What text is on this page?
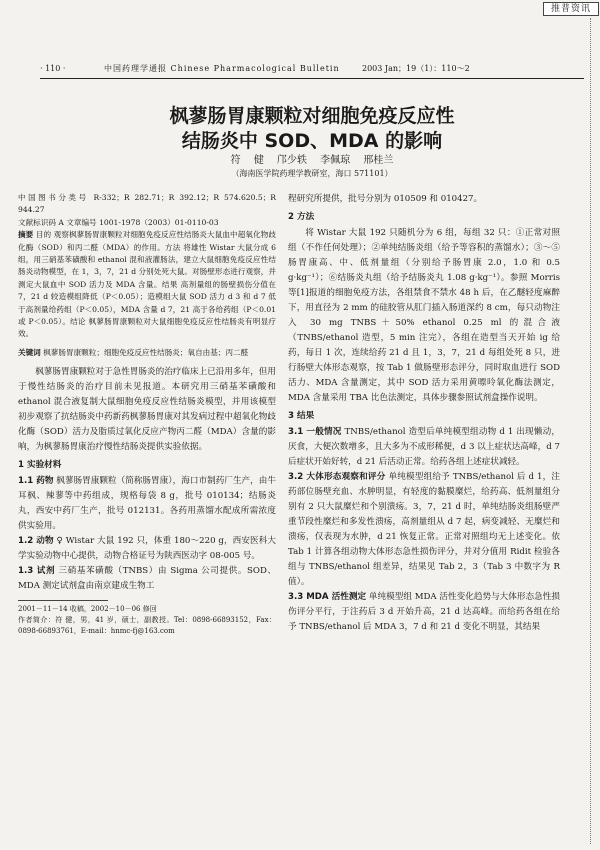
推普资讯
· 110 ·	中国药理学通报 Chinese Pharmacological Bulletin	2003 Jan；19（1）：110～2
枫蓼肠胃康颗粒对细胞免疫反应性
结肠炎中 SOD、MDA 的影响
符 健 邝少轶 李佩琼 邢桂兰
（海南医学院药理学教研室，海口 571101）
中国图书分类号 R-332；R 282.71；R 392.12；R 574.620.5；R 944.27
文献标识码 A 文章编号 1001-1978（2003）01-0110-03
摘要 目的 观察枫蓼肠胃康颗粒对细胞免疫反应性结肠炎大鼠血中超氧化物歧化酶（SOD）和丙二醛（MDA）的作用。方法 将雄性 Wistar 大鼠分成 6 组，用三硝基苯磺酸和 ethanol 混和液灌肠法，建立大鼠细胞免疫反应性结肠炎动物模型，在 1，3，7，21 d 分别处死大鼠。对肠壁形态进行观察，并测定大鼠血中 SOD 活力及 MDA 含量。结果 高剂量组的肠壁损伤分值在 7，21 d 较造模组降低（P＜0.05）；造模组大鼠 SOD 活力 d 3 和 d 7 低于高剂量给药组（P＜0.05），MDA 含量 d 7，21 高于各给药组（P＜0.01 或 P＜0.05）。结论 枫蓼肠胃康颗粒对大鼠细胞免疫反应性结肠炎有明显疗效。
关键词 枫蓼肠胃康颗粒；细胞免疫反应性结肠炎；氧自由基；丙二醛

枫蓼肠胃康颗粒对于急性胃肠炎的治疗临床上已沿用多年，但用于慢性结肠炎的治疗目前未见报道。本研究用三硝基苯磺酸和 ethanol 混合液复制大鼠细胞免疫反应性结肠炎模型，并用该模型初步观察了抗结肠炎中药新药枫蓼肠胃康对其发病过程中超氧化物歧化酶（SOD）活力及脂质过氧化反应产物丙二醛（MDA）含量的影响，为枫蓼肠胃康治疗慢性结肠炎提供实验依据。

1 实验材料
1.1 药物 枫蓼肠胃康颗粒（简称肠胃康），海口市制药厂生产，由牛耳枫、辣蓼等中药组成，规格每袋 8 g，批号 010134；结肠炎丸，西安中药厂生产，批号 012131。各药用蒸馏水配成所需浓度供实验用。
1.2 动物 ♀ Wistar 大鼠 192 只，体重 180～220 g，西安医科大学实验动物中心提供，动物合格证号为陕西医动字 08-005 号。
1.3 试剂 三硝基苯磺酸（TNBS）由 Sigma 公司提供。SOD、MDA 测定试剂盒由南京建成生物工

2001－11－14 收稿，2002－10－06 修回

作者简介：符 健，男，41 岁，硕士，副教授。Tel：0898-66893152，Fax：0898-66893761，E-mail：hnmc-fj@163.com

程研究所提供，批号分别为 010509 和 010427。
2 方法

将 Wistar 大鼠 192 只随机分为 6 组，每组 32 只：①正常对照组（不作任何处理）；②单纯结肠炎组（给予等容积的蒸馏水）；③～⑤肠胃康高、中、低剂量组（分别给予肠胃康 2.0，1.0 和 0.5 g·kg⁻¹）；⑥结肠炎丸组（给予结肠炎丸 1.08 g·kg⁻¹）。参照 Morris 等[1]报道的细胞免疫方法，各组禁食不禁水 48 h 后，在乙醚轻度麻醉下，用直径为 2 mm 的硅胶管从肛门插入肠道深约 8 cm，每只动物注入 30 mg TNBS＋50% ethanol 0.25 ml 的混合液（TNBS/ethanol 造型，5 min 注完），各组在造型当天开始 ig 给药，每日 1 次，连续给药 21 d 且 1，3，7，21 d 每组处死 8 只，进行肠壁大体形态观察，按 Tab 1 做肠壁形态评分，同时取血进行 SOD 活力、MDA 含量测定，其中 SOD 活力采用黄嘌呤氧化酶法测定，MDA 含量采用 TBA 比色法测定，具体步骤参照试剂盒操作说明。

3 结果
3.1 一般情况 TNBS/ethanol 造型后单纯模型组动物 d 1 出现懒动，厌食，大便次数增多，且大多为不成形稀便，d 3 以上症状达高峰，d 7 后症状开始好转，d 21 后活动正常。给药各组上述症状减轻。
3.2 大体形态观察和评分 单纯模型组给予 TNBS/ethanol 后 d 1，注药部位肠壁充血、水肿明显，有轻度的黏膜糜烂，给药高、低剂量组分别有 2 只大鼠糜烂和个别溃疡。3，7，21 d 时，单纯结肠炎组肠壁严重节段性糜烂和多发性溃疡，高剂量组从 d 7 起，病变减轻、无糜烂和溃疡，仅表现为水肿，d 21 恢复正常。正常对照组均无上述变化。依 Tab 1 计算各组动物大体形态急性损伤评分，并对分值用 Ridit 检验各组与 TNBS/ethanol 组差异，结果见 Tab 2，3（Tab 3 中数字为 R 值）。
3.3 MDA 活性测定 单纯模型组 MDA 活性变化趋势与大体形态急性损伤评分平行，于注药后 3 d 开始升高，21 d 达高峰。而给药各组在给予 TNBS/ethanol 后 MDA 3，7 d 和 21 d 变化不明显，其结果
